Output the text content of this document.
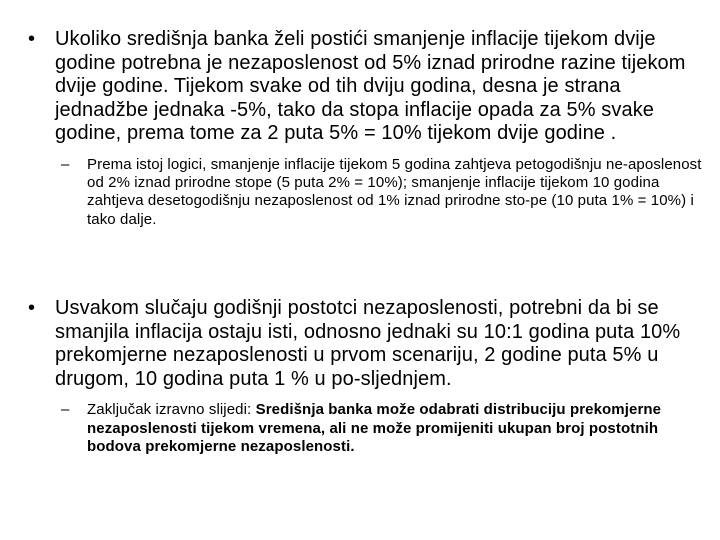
• Ukoliko središnja banka želi postići smanjenje inflacije tijekom dvije godine potrebna je nezaposlenost od 5% iznad prirodne razine tijekom dvije godine. Tijekom svake od tih dviju godina, desna je strana jednadžbe jednaka -5%, tako da stopa inflacije opada za 5% svake godine, prema tome za 2 puta 5% = 10% tijekom dvije godine .
–	Prema istoj logici, smanjenje inflacije tijekom 5 godina zahtjeva petogodišnju ne-aposlenost od 2% iznad prirodne stope (5 puta 2% = 10%); smanjenje inflacije tijekom 10 godina zahtjeva desetogodišnju nezaposlenost od 1% iznad prirodne sto-pe (10 puta 1% = 10%) i tako dalje.
• Usvakom slučaju godišnji postotci nezaposlenosti, potrebni da bi se smanjila inflacija ostaju isti, odnosno jednaki su 10:1 godina puta 10% prekomjerne nezaposlenosti u prvom scenariju, 2 godine puta 5% u drugom, 10 godina puta 1 % u po-sljednjem.
–	Zaključak izravno slijedi: Središnja banka može odabrati distribuciju prekomjerne nezaposlenosti tijekom vremena, ali ne može promijeniti ukupan broj postotnih bodova prekomjerne nezaposlenosti.
